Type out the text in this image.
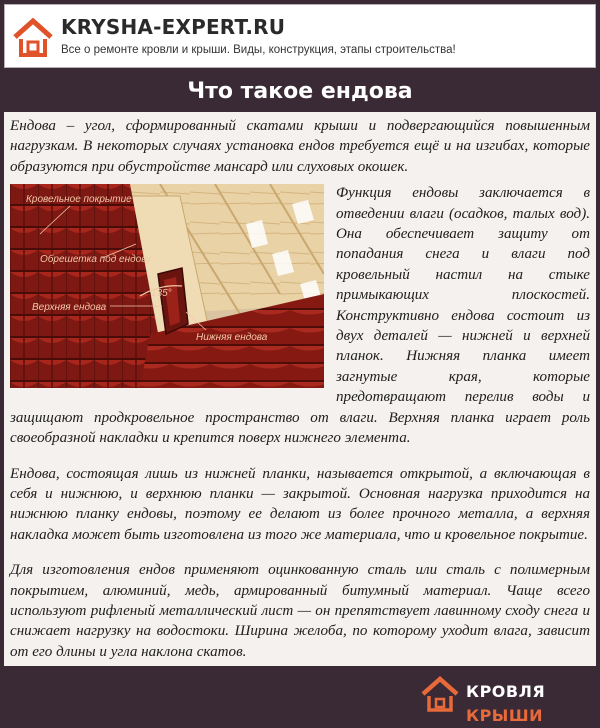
KRYSHA-EXPERT.RU
Все о ремонте кровли и крыши. Виды, конструкция, этапы строительства!
Что такое ендова

Ендова – угол, сформированный скатами крыши и подвергающийся повышенным нагрузкам. В некоторых случаях установка ендов требуется ещё и на изгибах, которые образуются при обустройстве мансард или слуховых окошек.

135°
Кровельное покрытие
Обрешетка под ендову
Верхняя ендова
Нижняя ендова

Функция ендовы заключается в отведении влаги (осадков, талых вод). Она обеспечивает защиту от попадания снега и влаги под кровельный настил на стыке примыкающих плоскостей. Конструктивно ендова состоит из двух деталей — нижней и верхней планок. Нижняя планка имеет загнутые края, которые предотвращают перелив воды и защищают продкровельное пространство от влаги. Верхняя планка играет роль своеобразной накладки и крепится поверх нижнего элемента.

Ендова, состоящая лишь из нижней планки, называется открытой, а включающая в себя и нижнюю, и верхнюю планки — закрытой. Основная нагрузка приходится на нижнюю планку ендовы, поэтому ее делают из более прочного металла, а верхняя накладка может быть изготовлена из того же материала, что и кровельное покрытие.

Для изготовления ендов применяют оцинкованную сталь или сталь с полимерным покрытием, алюминий, медь, армированный битумный материал. Чаще всего используют рифленый металлический лист — он препятствует лавинному сходу снега и снижает нагрузку на водостоки. Ширина желоба, по которому уходит влага, зависит от его длины и угла наклона скатов.

КРОВЛЯ КРЫШИ
